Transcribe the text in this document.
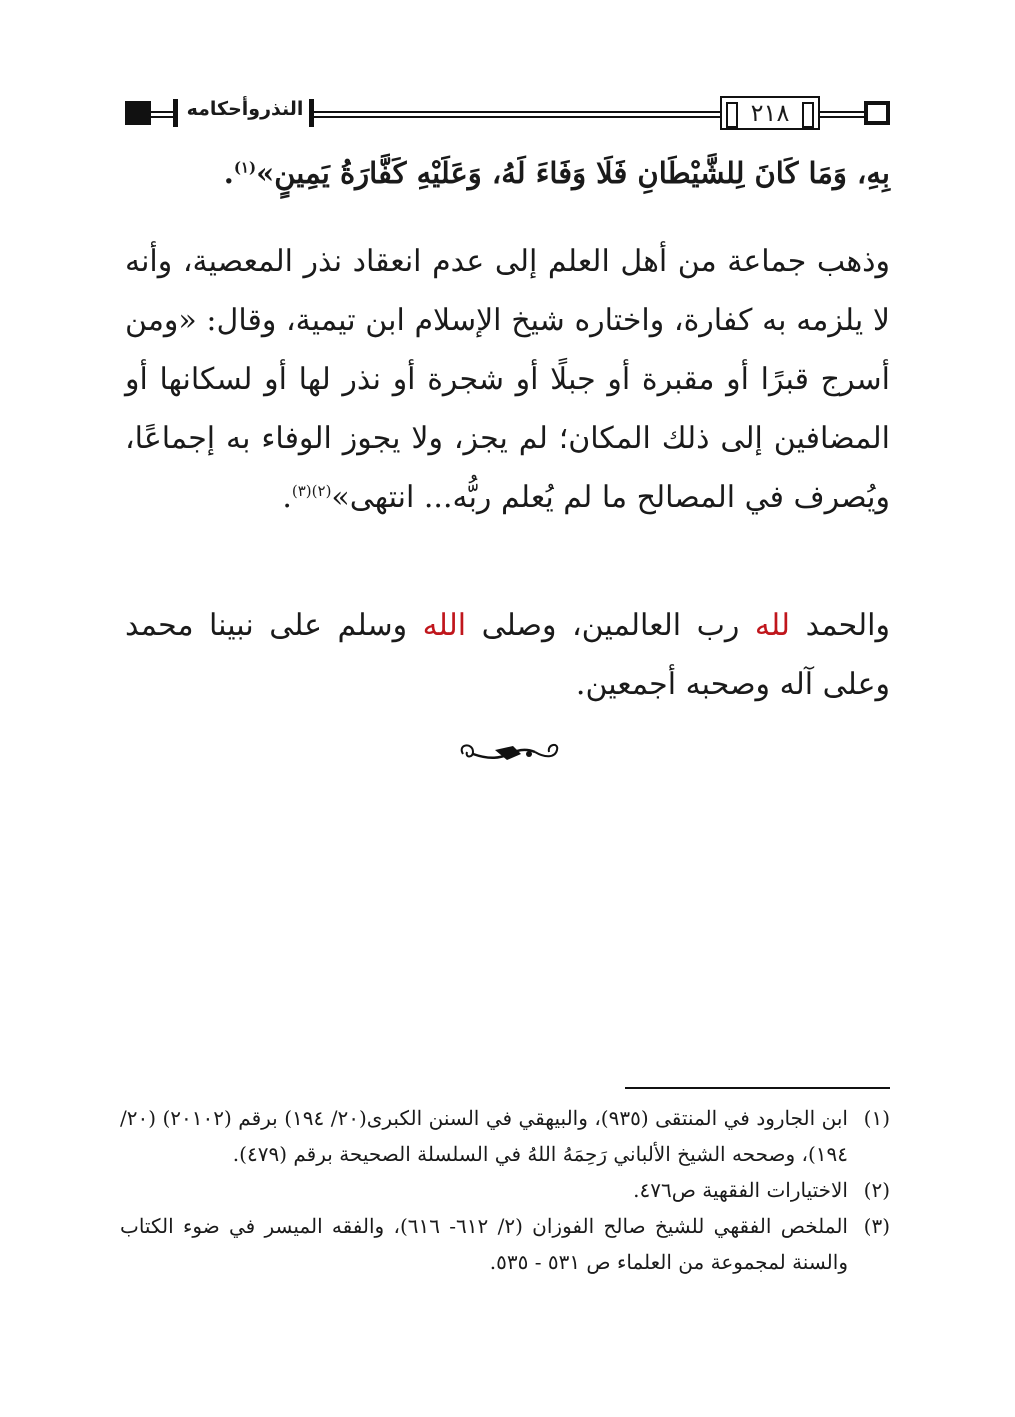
النذروأحكامه	٢١٨
بِهِ، وَمَا كَانَ لِلشَّيْطَانِ فَلَا وَفَاءَ لَهُ، وَعَلَيْهِ كَفَّارَةُ يَمِينٍ»$^{(١)}$.
وذهب جماعة من أهل العلم إلى عدم انعقاد نذر المعصية، وأنه لا يلزمه به كفارة، واختاره شيخ الإسلام ابن تيمية، وقال: «ومن أسرج قبرًا أو مقبرة أو جبلًا أو شجرة أو نذر لها أو لسكانها أو المضافين إلى ذلك المكان؛ لم يجز، ولا يجوز الوفاء به إجماعًا، ويُصرف في المصالح ما لم يُعلم ربُّه... انتهى»$^{(٢)(٣)}$.
والحمد لله رب العالمين، وصلى الله وسلم على نبينا محمد وعلى آله وصحبه أجمعين.

(١)
ابن الجارود في المنتقى (٩٣٥)، والبيهقي في السنن الكبرى(٢٠/ ١٩٤) برقم (٢٠١٠٢) (٢٠/ ١٩٤)، وصححه الشيخ الألباني رَحِمَهُ اللهُ في السلسلة الصحيحة برقم (٤٧٩).

(٢)
الاختيارات الفقهية ص٤٧٦.

(٣)
الملخص الفقهي للشيخ صالح الفوزان (٢/ ٦١٢- ٦١٦)، والفقه الميسر في ضوء الكتاب والسنة لمجموعة من العلماء ص ٥٣١ - ٥٣٥.
